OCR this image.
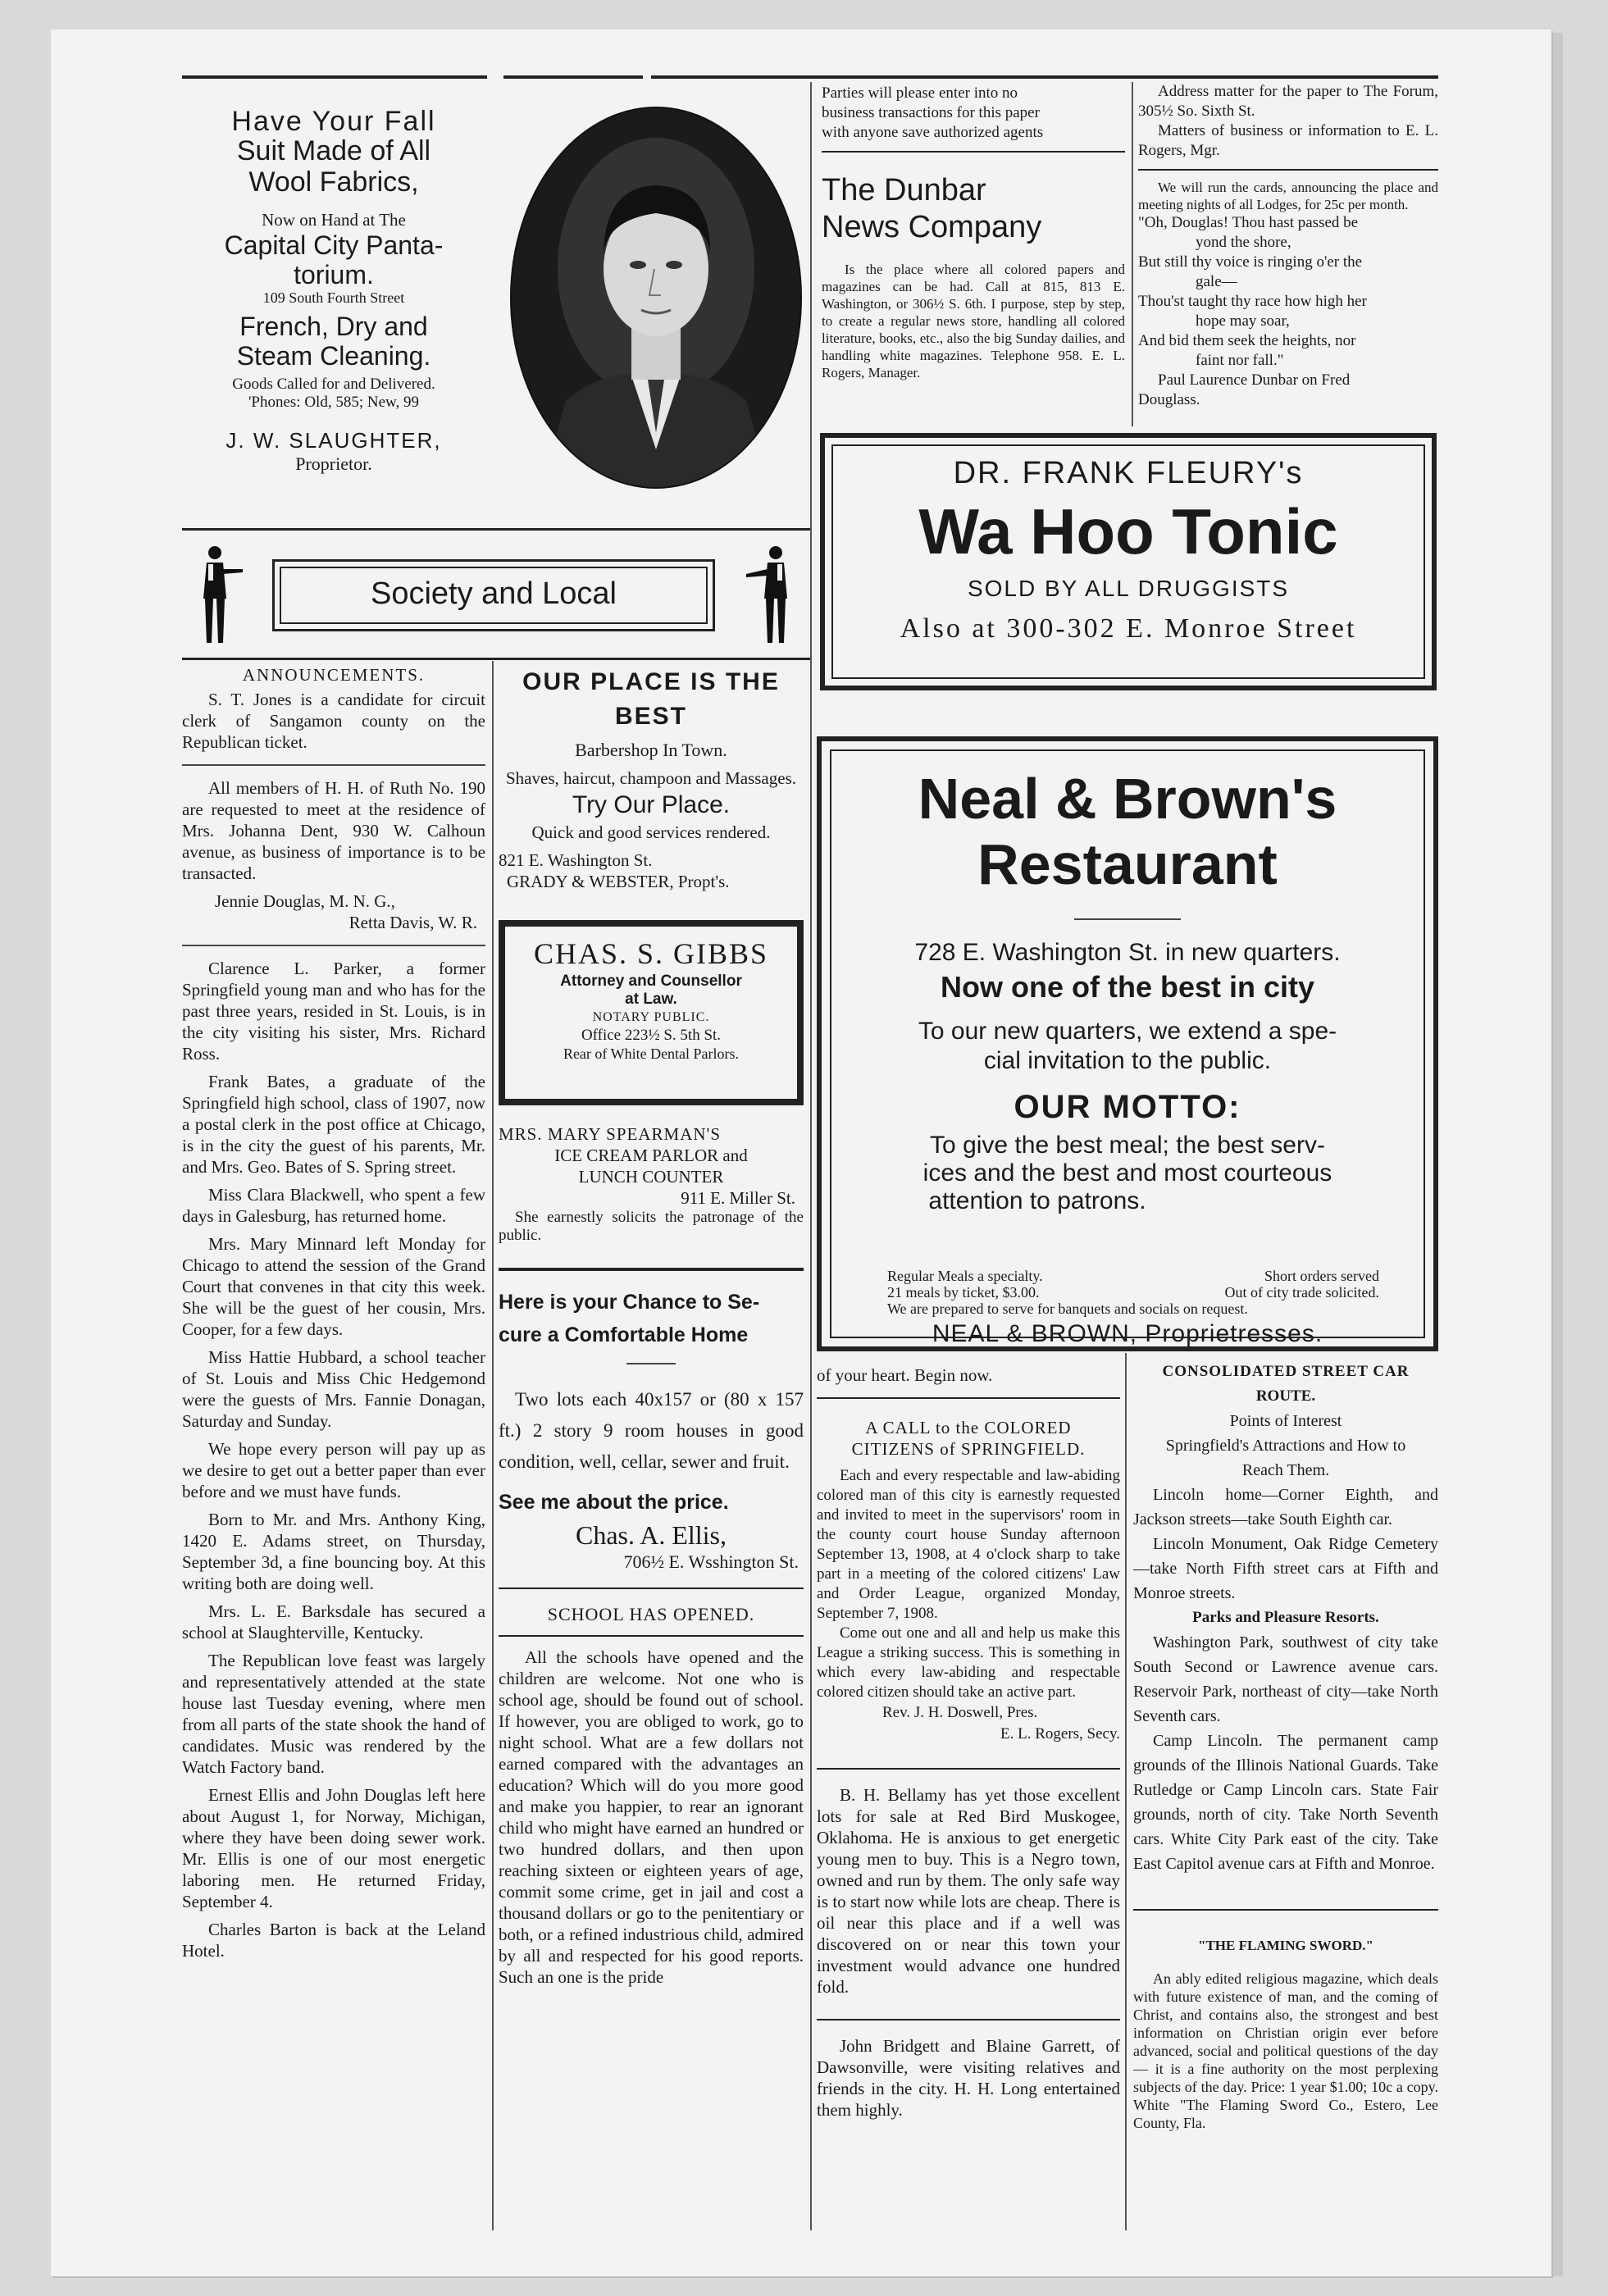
Have Your Fall
Suit Made of All
Wool Fabrics,
Now on Hand at The
Capital City Panta-
torium.
109 South Fourth Street
French, Dry and
Steam Cleaning.
Goods Called for and Delivered.
'Phones: Old, 585; New, 99
J. W. SLAUGHTER,
Proprietor.

Parties will please enter into no

business transactions for this paper

with anyone save authorized agents

The Dunbar
News Company

Is the place where all colored papers and magazines can be had. Call at 815, 813 E. Washington, or 306½ S. 6th. I purpose, step by step, to create a regular news store, handling all colored literature, books, etc., also the big Sunday dailies, and handling white magazines. Telephone 958. E. L. Rogers, Manager.

Address matter for the paper to The Forum, 305½ So. Sixth St.

Matters of business or information to E. L. Rogers, Mgr.

We will run the cards, announcing the place and meeting nights of all Lodges, for 25c per month.

"Oh, Douglas! Thou hast passed be

yond the shore,

But still thy voice is ringing o'er the

gale—

Thou'st taught thy race how high her

hope may soar,

And bid them seek the heights, nor

faint nor fall."

Paul Laurence Dunbar on Fred

Douglass.

DR. FRANK FLEURY's
Wa Hoo Tonic
SOLD BY ALL DRUGGISTS
Also at 300-302 E. Monroe Street
Neal & Brown's
Restaurant
728 E. Washington St. in new quarters.
Now one of the best in city
To our new quarters, we extend a spe-
cial invitation to the public.
OUR MOTTO:
To give the best meal; the best serv-
ices and the best and most courteous
attention to patrons.
Regular Meals a specialty.	Short orders served
21 meals by ticket, $3.00.	Out of city trade solicited.
We are prepared to serve for banquets and socials on request.
NEAL & BROWN, Proprietresses.
Society and Local

ANNOUNCEMENTS.

S. T. Jones is a candidate for circuit clerk of Sangamon county on the Republican ticket.

All members of H. H. of Ruth No. 190 are requested to meet at the residence of Mrs. Johanna Dent, 930 W. Calhoun avenue, as business of importance is to be transacted.

Jennie Douglas, M. N. G.,

Retta Davis, W. R.

Clarence L. Parker, a former Springfield young man and who has for the past three years, resided in St. Louis, is in the city visiting his sister, Mrs. Richard Ross.

Frank Bates, a graduate of the Springfield high school, class of 1907, now a postal clerk in the post office at Chicago, is in the city the guest of his parents, Mr. and Mrs. Geo. Bates of S. Spring street.

Miss Clara Blackwell, who spent a few days in Galesburg, has returned home.

Mrs. Mary Minnard left Monday for Chicago to attend the session of the Grand Court that convenes in that city this week. She will be the guest of her cousin, Mrs. Cooper, for a few days.

Miss Hattie Hubbard, a school teacher of St. Louis and Miss Chic Hedgemond were the guests of Mrs. Fannie Donagan, Saturday and Sunday.

We hope every person will pay up as we desire to get out a better paper than ever before and we must have funds.

Born to Mr. and Mrs. Anthony King, 1420 E. Adams street, on Thursday, September 3d, a fine bouncing boy. At this writing both are doing well.

Mrs. L. E. Barksdale has secured a school at Slaughterville, Kentucky.

The Republican love feast was largely and representatively attended at the state house last Tuesday evening, where men from all parts of the state shook the hand of candidates. Music was rendered by the Watch Factory band.

Ernest Ellis and John Douglas left here about August 1, for Norway, Michigan, where they have been doing sewer work. Mr. Ellis is one of our most energetic laboring men. He returned Friday, September 4.

Charles Barton is back at the Leland Hotel.

OUR PLACE IS THE
BEST
Barbershop In Town.

Shaves, haircut, champoon and Massages.

Try Our Place.

Quick and good services rendered.

821 E. Washington St.

GRADY & WEBSTER, Propt's.

CHAS. S. GIBBS
Attorney and Counsellor
at Law.
NOTARY PUBLIC.
Office 223½ S. 5th St.
Rear of White Dental Parlors.

MRS. MARY SPEARMAN'S

ICE CREAM PARLOR and

LUNCH COUNTER

911 E. Miller St.

She earnestly solicits the patronage of the public.

Here is your Chance to Se-
cure a Comfortable Home

Two lots each 40x157 or (80 x 157 ft.) 2 story 9 room houses in good condition, well, cellar, sewer and fruit.

See me about the price.
Chas. A. Ellis,
706½ E. Wsshington St.

SCHOOL HAS OPENED.

All the schools have opened and the children are welcome. Not one who is school age, should be found out of school. If however, you are obliged to work, go to night school. What are a few dollars not earned compared with the advantages an education? Which will do you more good and make you happier, to rear an ignorant child who might have earned an hundred or two hundred dollars, and then upon reaching sixteen or eighteen years of age, commit some crime, get in jail and cost a thousand dollars or go to the penitentiary or both, or a refined industrious child, admired by all and respected for his good reports. Such an one is the pride

of your heart. Begin now.

A CALL to the COLORED CITIZENS of SPRINGFIELD.

Each and every respectable and law-abiding colored man of this city is earnestly requested and invited to meet in the supervisors' room in the county court house Sunday afternoon September 13, 1908, at 4 o'clock sharp to take part in a meeting of the colored citizens' Law and Order League, organized Monday, September 7, 1908.

Come out one and all and help us make this League a striking success. This is something in which every law-abiding and respectable colored citizen should take an active part.

Rev. J. H. Doswell, Pres.

E. L. Rogers, Secy.

B. H. Bellamy has yet those excellent lots for sale at Red Bird Muskogee, Oklahoma. He is anxious to get energetic young men to buy. This is a Negro town, owned and run by them. The only safe way is to start now while lots are cheap. There is oil near this place and if a well was discovered on or near this town your investment would advance one hundred fold.

John Bridgett and Blaine Garrett, of Dawsonville, were visiting relatives and friends in the city. H. H. Long entertained them highly.

CONSOLIDATED STREET CAR

ROUTE.

Points of Interest

Springfield's Attractions and How to

Reach Them.

Lincoln home—Corner Eighth, and Jackson streets—take South Eighth car.

Lincoln Monument, Oak Ridge Cemetery—take North Fifth street cars at Fifth and Monroe streets.

Parks and Pleasure Resorts.

Washington Park, southwest of city take South Second or Lawrence avenue cars. Reservoir Park, northeast of city—take North Seventh cars.

Camp Lincoln. The permanent camp grounds of the Illinois National Guards. Take Rutledge or Camp Lincoln cars. State Fair grounds, north of city. Take North Seventh cars. White City Park east of the city. Take East Capitol avenue cars at Fifth and Monroe.

"THE FLAMING SWORD."

An ably edited religious magazine, which deals with future existence of man, and the coming of Christ, and contains also, the strongest and best information on Christian origin ever before advanced, social and political questions of the day — it is a fine authority on the most perplexing subjects of the day. Price: 1 year $1.00; 10c a copy. White "The Flaming Sword Co., Estero, Lee County, Fla.
